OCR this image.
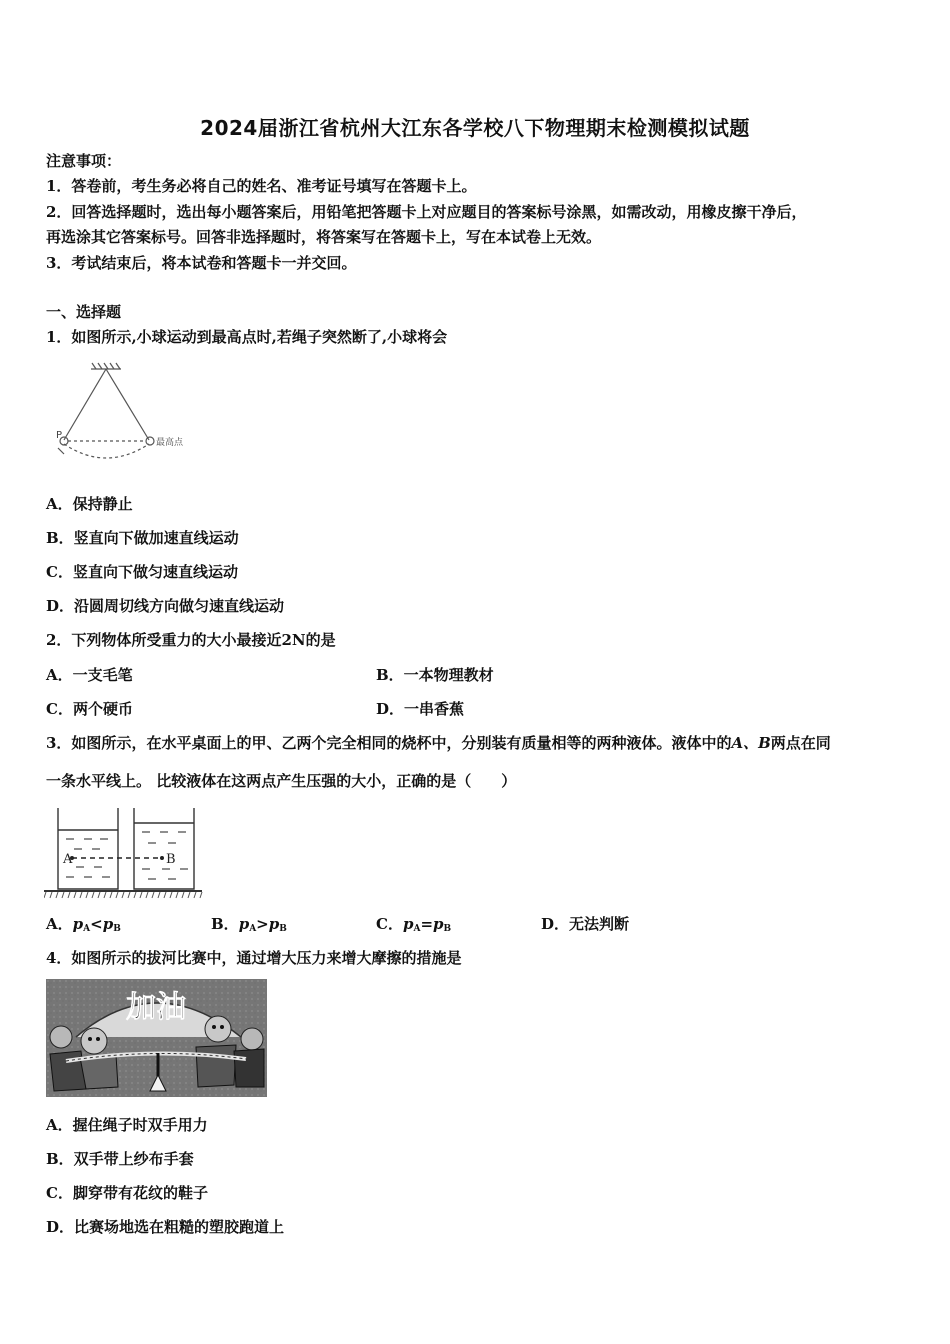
2024届浙江省杭州大江东各学校八下物理期末检测模拟试题
注意事项：
1．答卷前，考生务必将自己的姓名、准考证号填写在答题卡上。
2．回答选择题时，选出每小题答案后，用铅笔把答题卡上对应题目的答案标号涂黑，如需改动，用橡皮擦干净后，
再选涂其它答案标号。回答非选择题时，将答案写在答题卡上，写在本试卷上无效。
3．考试结束后，将本试卷和答题卡一并交回。
一、选择题
1．如图所示,小球运动到最高点时,若绳子突然断了,小球将会
P
最高点
A．保持静止
B．竖直向下做加速直线运动
C．竖直向下做匀速直线运动
D．沿圆周切线方向做匀速直线运动
2．下列物体所受重力的大小最接近2N的是
A．一支毛笔	B．一本物理教材
C．两个硬币	D．一串香蕉
3．如图所示，在水平桌面上的甲、乙两个完全相同的烧杯中，分别装有质量相等的两种液体。液体中的A、B两点在同
一条水平线上。 比较液体在这两点产生压强的大小，正确的是（　　）
A	B
A．$p_A<p_B$	B．$p_A>p_B$	C．$p_A=p_B$	D．无法判断
4．如图所示的拔河比赛中，通过增大压力来增大摩擦的措施是
加油
A．握住绳子时双手用力
B．双手带上纱布手套
C．脚穿带有花纹的鞋子
D．比赛场地选在粗糙的塑胶跑道上
